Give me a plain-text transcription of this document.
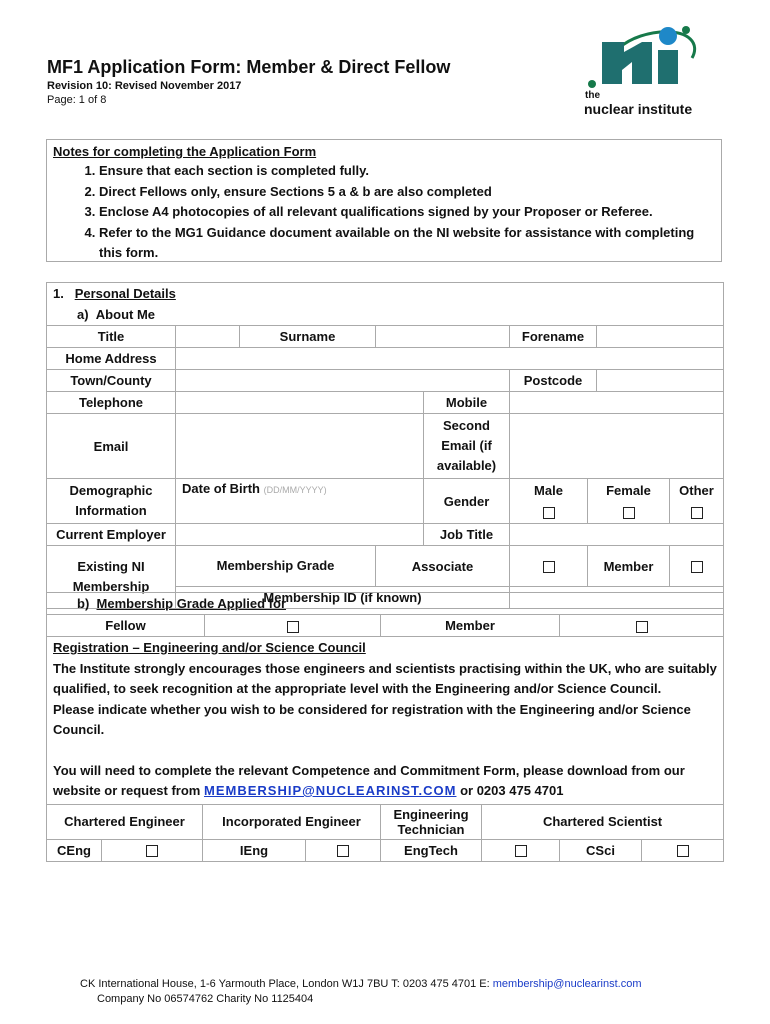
MF1 Application Form: Member & Direct Fellow
Revision 10: Revised November 2017
Page: 1 of 8	the
nuclear institute
Notes for completing the Application Form
1. Ensure that each section is completed fully.
2. Direct Fellows only, ensure Sections 5 a & b are also completed
3. Enclose A4 photocopies of all relevant qualifications signed by your Proposer or Referee.
4. Refer to the MG1 Guidance document available on the NI website for assistance with completing this form.
1. Personal Details								
a) About Me								
Title		Surname			Forename			
Home Address								
Town/County					Postcode			
Telephone				Mobile				
Email				Second Email (if available)				
Demographic Information	Date of Birth (DD/MM/YYYY)			Gender	Male	Female		Other

Current Employer				Job Title				
Existing NI Membership	Membership Grade		Associate			Member		
	Membership ID (if known)							
b) Membership Grade Applied for								
Fellow					Member			

Registration – Engineering and/or Science Council
The Institute strongly encourages those engineers and scientists practising within the UK, who are suitably qualified, to seek recognition at the appropriate level with the Engineering and/or Science Council.
Please indicate whether you wish to be considered for registration with the Engineering and/or Science Council.
You will need to complete the relevant Competence and Commitment Form, please download from our website or request from MEMBERSHIP@NUCLEARINST.COM or 0203 475 4701								

Chartered Engineer		Incorporated Engineer			Engineering Technician	Chartered Scientist		
CEng		IEng			EngTech		CSci	
CK International House, 1-6 Yarmouth Place, London W1J 7BU T: 0203 475 4701 E: membership@nuclearinst.com
Company No 06574762 Charity No 1125404
